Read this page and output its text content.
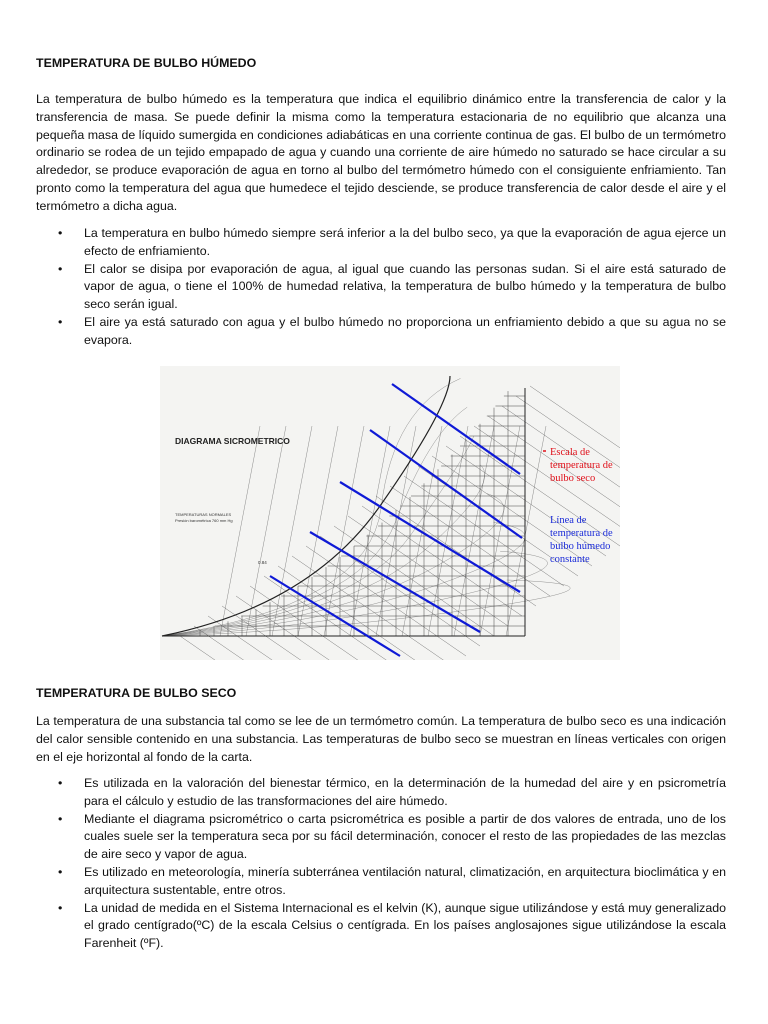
TEMPERATURA DE BULBO HÚMEDO

La temperatura de bulbo húmedo es la temperatura que indica el equilibrio dinámico entre la transferencia de calor y la transferencia de masa. Se puede definir la misma como la temperatura estacionaria de no equilibrio que alcanza una pequeña masa de líquido sumergida en condiciones adiabáticas en una corriente continua de gas. El bulbo de un termómetro ordinario se rodea de un tejido empapado de agua y cuando una corriente de aire húmedo no saturado se hace circular a su alrededor, se produce evaporación de agua en torno al bulbo del termómetro húmedo con el consiguiente enfriamiento. Tan pronto como la temperatura del agua que humedece el tejido desciende, se produce transferencia de calor desde el aire y el termómetro a dicha agua.

• La temperatura en bulbo húmedo siempre será inferior a la del bulbo seco, ya que la evaporación de agua ejerce un efecto de enfriamiento.
• El calor se disipa por evaporación de agua, al igual que cuando las personas sudan. Si el aire está saturado de vapor de agua, o tiene el 100% de humedad relativa, la temperatura de bulbo húmedo y la temperatura de bulbo seco serán igual.
• El aire ya está saturado con agua y el bulbo húmedo no proporciona un enfriamiento debido a que su agua no se evapora.
DIAGRAMA SICROMETRICO
TEMPERATURAS NORMALES
Presión barométrica 760 mm Hg
0.84
Escala de temperatura de bulbo seco
Línea de temperatura de bulbo húmedo constante
TEMPERATURA DE BULBO SECO

La temperatura de una substancia tal como se lee de un termómetro común. La temperatura de bulbo seco es una indicación del calor sensible contenido en una substancia. Las temperaturas de bulbo seco se muestran en líneas verticales con origen en el eje horizontal al fondo de la carta.

• Es utilizada en la valoración del bienestar térmico, en la determinación de la humedad del aire y en psicrometría para el cálculo y estudio de las transformaciones del aire húmedo.
• Mediante el diagrama psicrométrico o carta psicrométrica es posible a partir de dos valores de entrada, uno de los cuales suele ser la temperatura seca por su fácil determinación, conocer el resto de las propiedades de las mezclas de aire seco y vapor de agua.
• Es utilizado en meteorología, minería subterránea ventilación natural, climatización, en arquitectura bioclimática y en arquitectura sustentable, entre otros.
• La unidad de medida en el Sistema Internacional es el kelvin (K), aunque sigue utilizándose y está muy generalizado el grado centígrado(ºC) de la escala Celsius o centígrada. En los países anglosajones sigue utilizándose la escala Farenheit (ºF).
